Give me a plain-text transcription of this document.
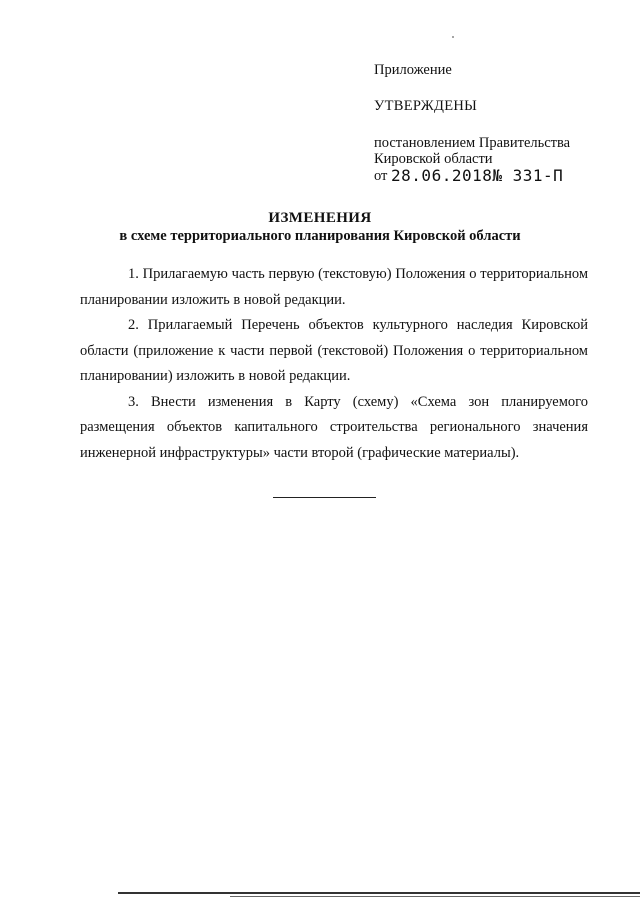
Приложение

УТВЕРЖДЕНЫ

постановлением Правительства
Кировской области
от 28.06.2018№ 331-П
ИЗМЕНЕНИЯ
в схеме территориального планирования Кировской области

1. Прилагаемую часть первую (текстовую) Положения о территориальном планировании изложить в новой редакции.

2. Прилагаемый Перечень объектов культурного наследия Кировской области (приложение к части первой (текстовой) Положения о территориальном планировании) изложить в новой редакции.

3. Внести изменения в Карту (схему) «Схема зон планируемого размещения объектов капитального строительства регионального значения инженерной инфраструктуры» части второй (графические материалы).
